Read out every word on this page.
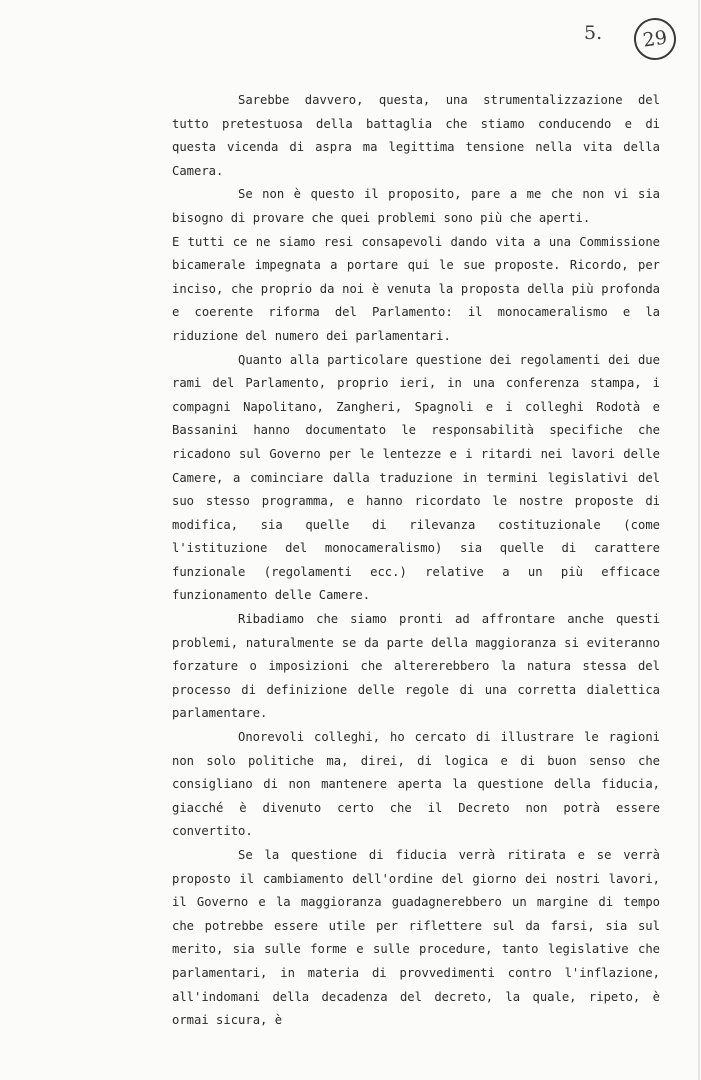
5.	29

Sarebbe davvero, questa, una strumentalizzazione del tutto pretestuosa della battaglia che stiamo conducendo e di questa vicenda di aspra ma legittima tensione nella vita della Camera.

Se non è questo il proposito, pare a me che non vi sia bisogno di provare che quei problemi sono più che aperti.

E tutti ce ne siamo resi consapevoli dando vita a una Commissione bicamerale impegnata a portare qui le sue proposte. Ricordo, per inciso, che proprio da noi è venuta la proposta della più profonda e coerente riforma del Parlamento: il monocameralismo e la riduzione del numero dei parlamentari.

Quanto alla particolare questione dei regolamenti dei due rami del Parlamento, proprio ieri, in una conferenza stampa, i compagni Napolitano, Zangheri, Spagnoli e i colleghi Rodotà e Bassanini hanno documentato le responsabilità specifiche che ricadono sul Governo per le lentezze e i ritardi nei lavori delle Camere, a cominciare dalla traduzione in termini legislativi del suo stesso programma, e hanno ricordato le nostre proposte di modifica, sia quelle di rilevanza costituzionale (come l'istituzione del monocameralismo) sia quelle di carattere funzionale (regolamenti ecc.) relative a un più efficace funzionamento delle Camere.

Ribadiamo che siamo pronti ad affrontare anche questi problemi, naturalmente se da parte della maggioranza si eviteranno forzature o imposizioni che altererebbero la natura stessa del processo di definizione delle regole di una corretta dialettica parlamentare.

Onorevoli colleghi, ho cercato di illustrare le ragioni non solo politiche ma, direi, di logica e di buon senso che consigliano di non mantenere aperta la questione della fiducia, giacché è divenuto certo che il Decreto non potrà essere convertito.

Se la questione di fiducia verrà ritirata e se verrà proposto il cambiamento dell'ordine del giorno dei nostri lavori, il Governo e la maggioranza guadagnerebbero un margine di tempo che potrebbe essere utile per riflettere sul da farsi, sia sul merito, sia sulle forme e sulle procedure, tanto legislative che parlamentari, in materia di provvedimenti contro l'inflazione, all'indomani della decadenza del decreto, la quale, ripeto, è ormai sicura, è
